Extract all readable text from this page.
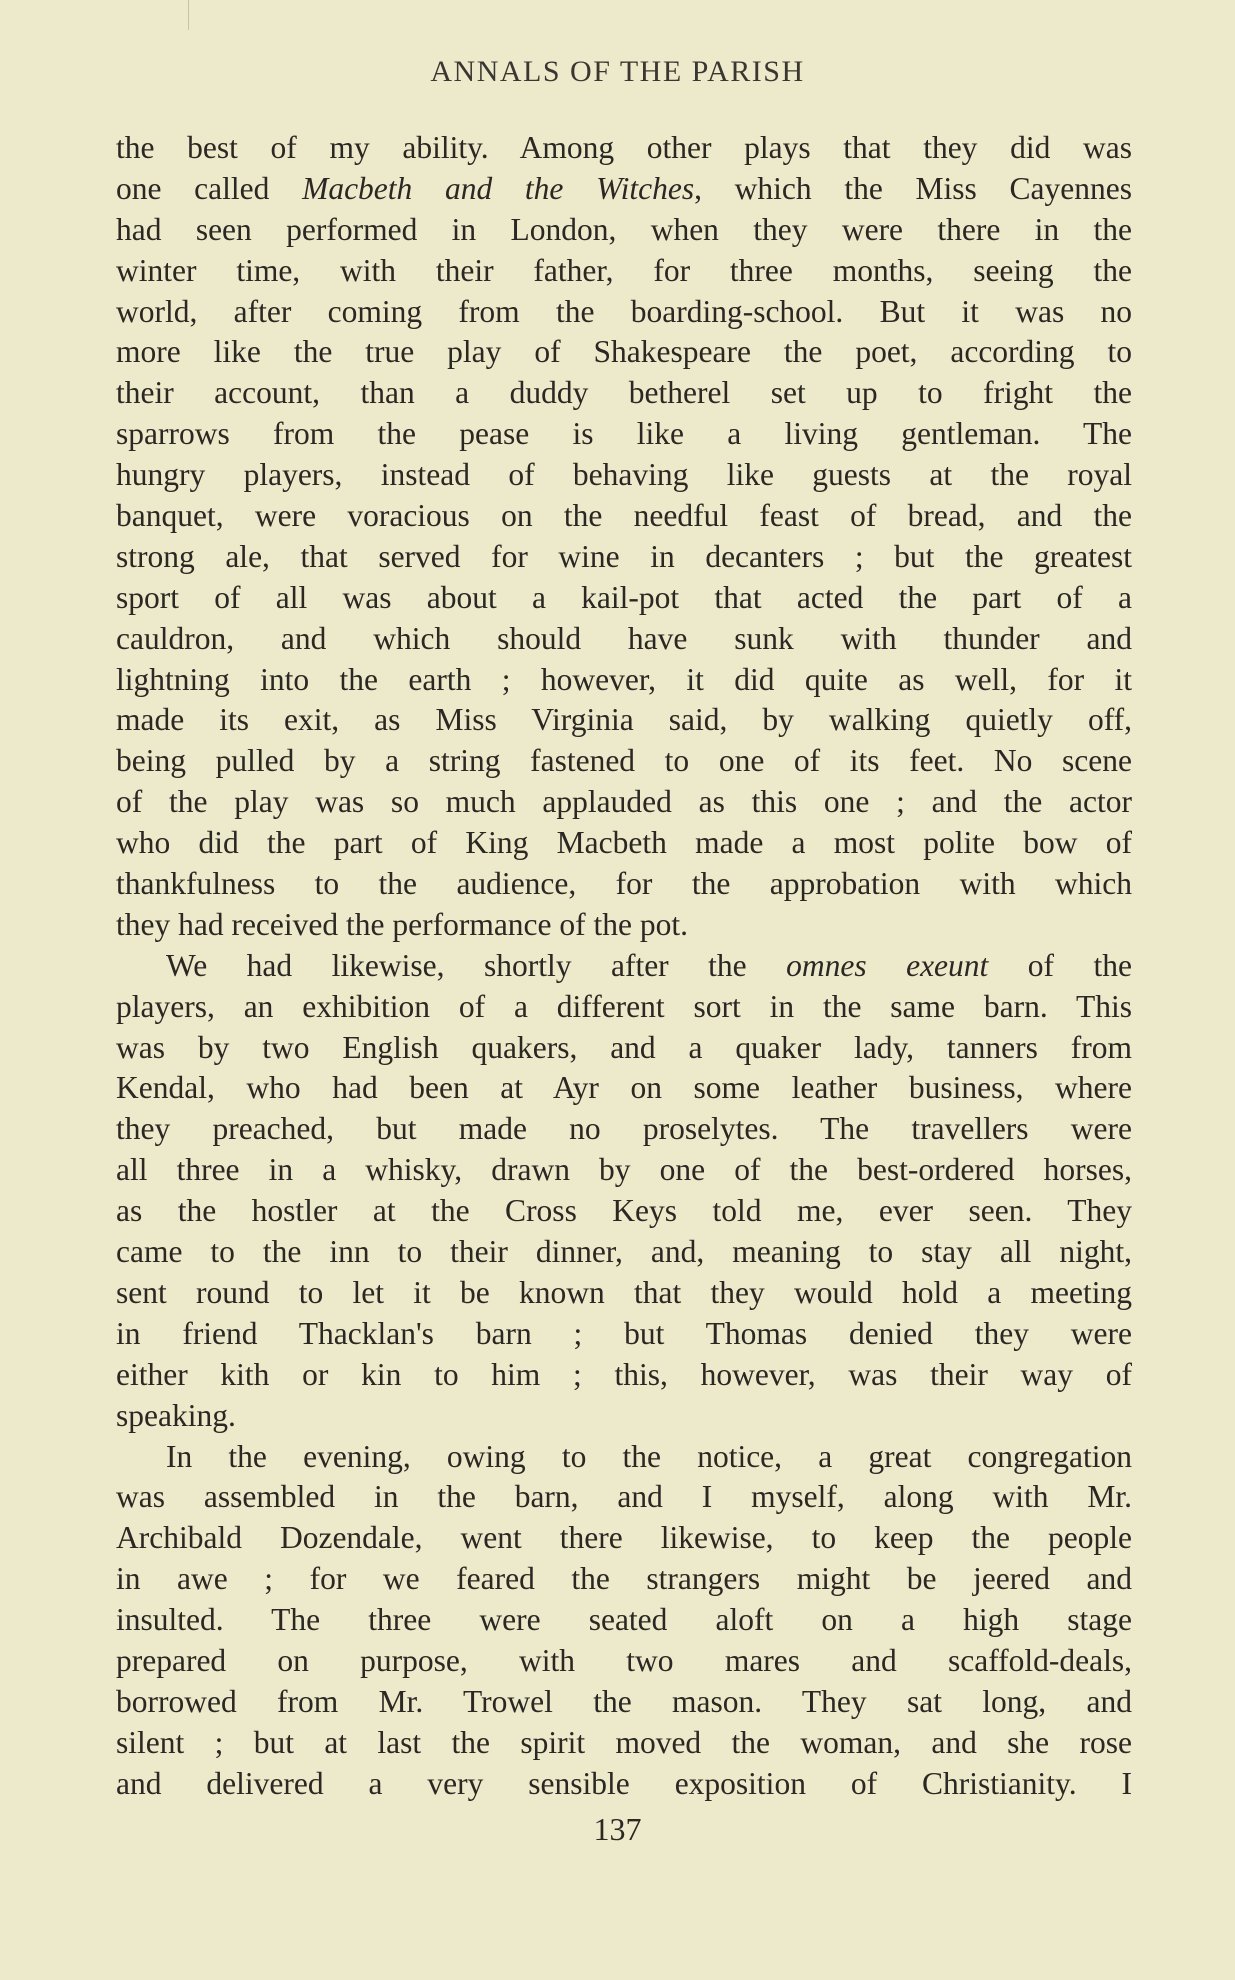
ANNALS OF THE PARISH
the best of my ability. Among other plays that they did was
one called Macbeth and the Witches, which the Miss Cayennes
had seen performed in London, when they were there in the
winter time, with their father, for three months, seeing the
world, after coming from the boarding-school. But it was no
more like the true play of Shakespeare the poet, according to
their account, than a duddy betherel set up to fright the
sparrows from the pease is like a living gentleman. The
hungry players, instead of behaving like guests at the royal
banquet, were voracious on the needful feast of bread, and the
strong ale, that served for wine in decanters ; but the greatest
sport of all was about a kail-pot that acted the part of a
cauldron, and which should have sunk with thunder and
lightning into the earth ; however, it did quite as well, for it
made its exit, as Miss Virginia said, by walking quietly off,
being pulled by a string fastened to one of its feet. No scene
of the play was so much applauded as this one ; and the actor
who did the part of King Macbeth made a most polite bow of
thankfulness to the audience, for the approbation with which
they had received the performance of the pot.
We had likewise, shortly after the omnes exeunt of the
players, an exhibition of a different sort in the same barn. This
was by two English quakers, and a quaker lady, tanners from
Kendal, who had been at Ayr on some leather business, where
they preached, but made no proselytes. The travellers were
all three in a whisky, drawn by one of the best-ordered horses,
as the hostler at the Cross Keys told me, ever seen. They
came to the inn to their dinner, and, meaning to stay all night,
sent round to let it be known that they would hold a meeting
in friend Thacklan's barn ; but Thomas denied they were
either kith or kin to him ; this, however, was their way of
speaking.
In the evening, owing to the notice, a great congregation
was assembled in the barn, and I myself, along with Mr.
Archibald Dozendale, went there likewise, to keep the people
in awe ; for we feared the strangers might be jeered and
insulted. The three were seated aloft on a high stage
prepared on purpose, with two mares and scaffold-deals,
borrowed from Mr. Trowel the mason. They sat long, and
silent ; but at last the spirit moved the woman, and she rose
and delivered a very sensible exposition of Christianity. I
137
